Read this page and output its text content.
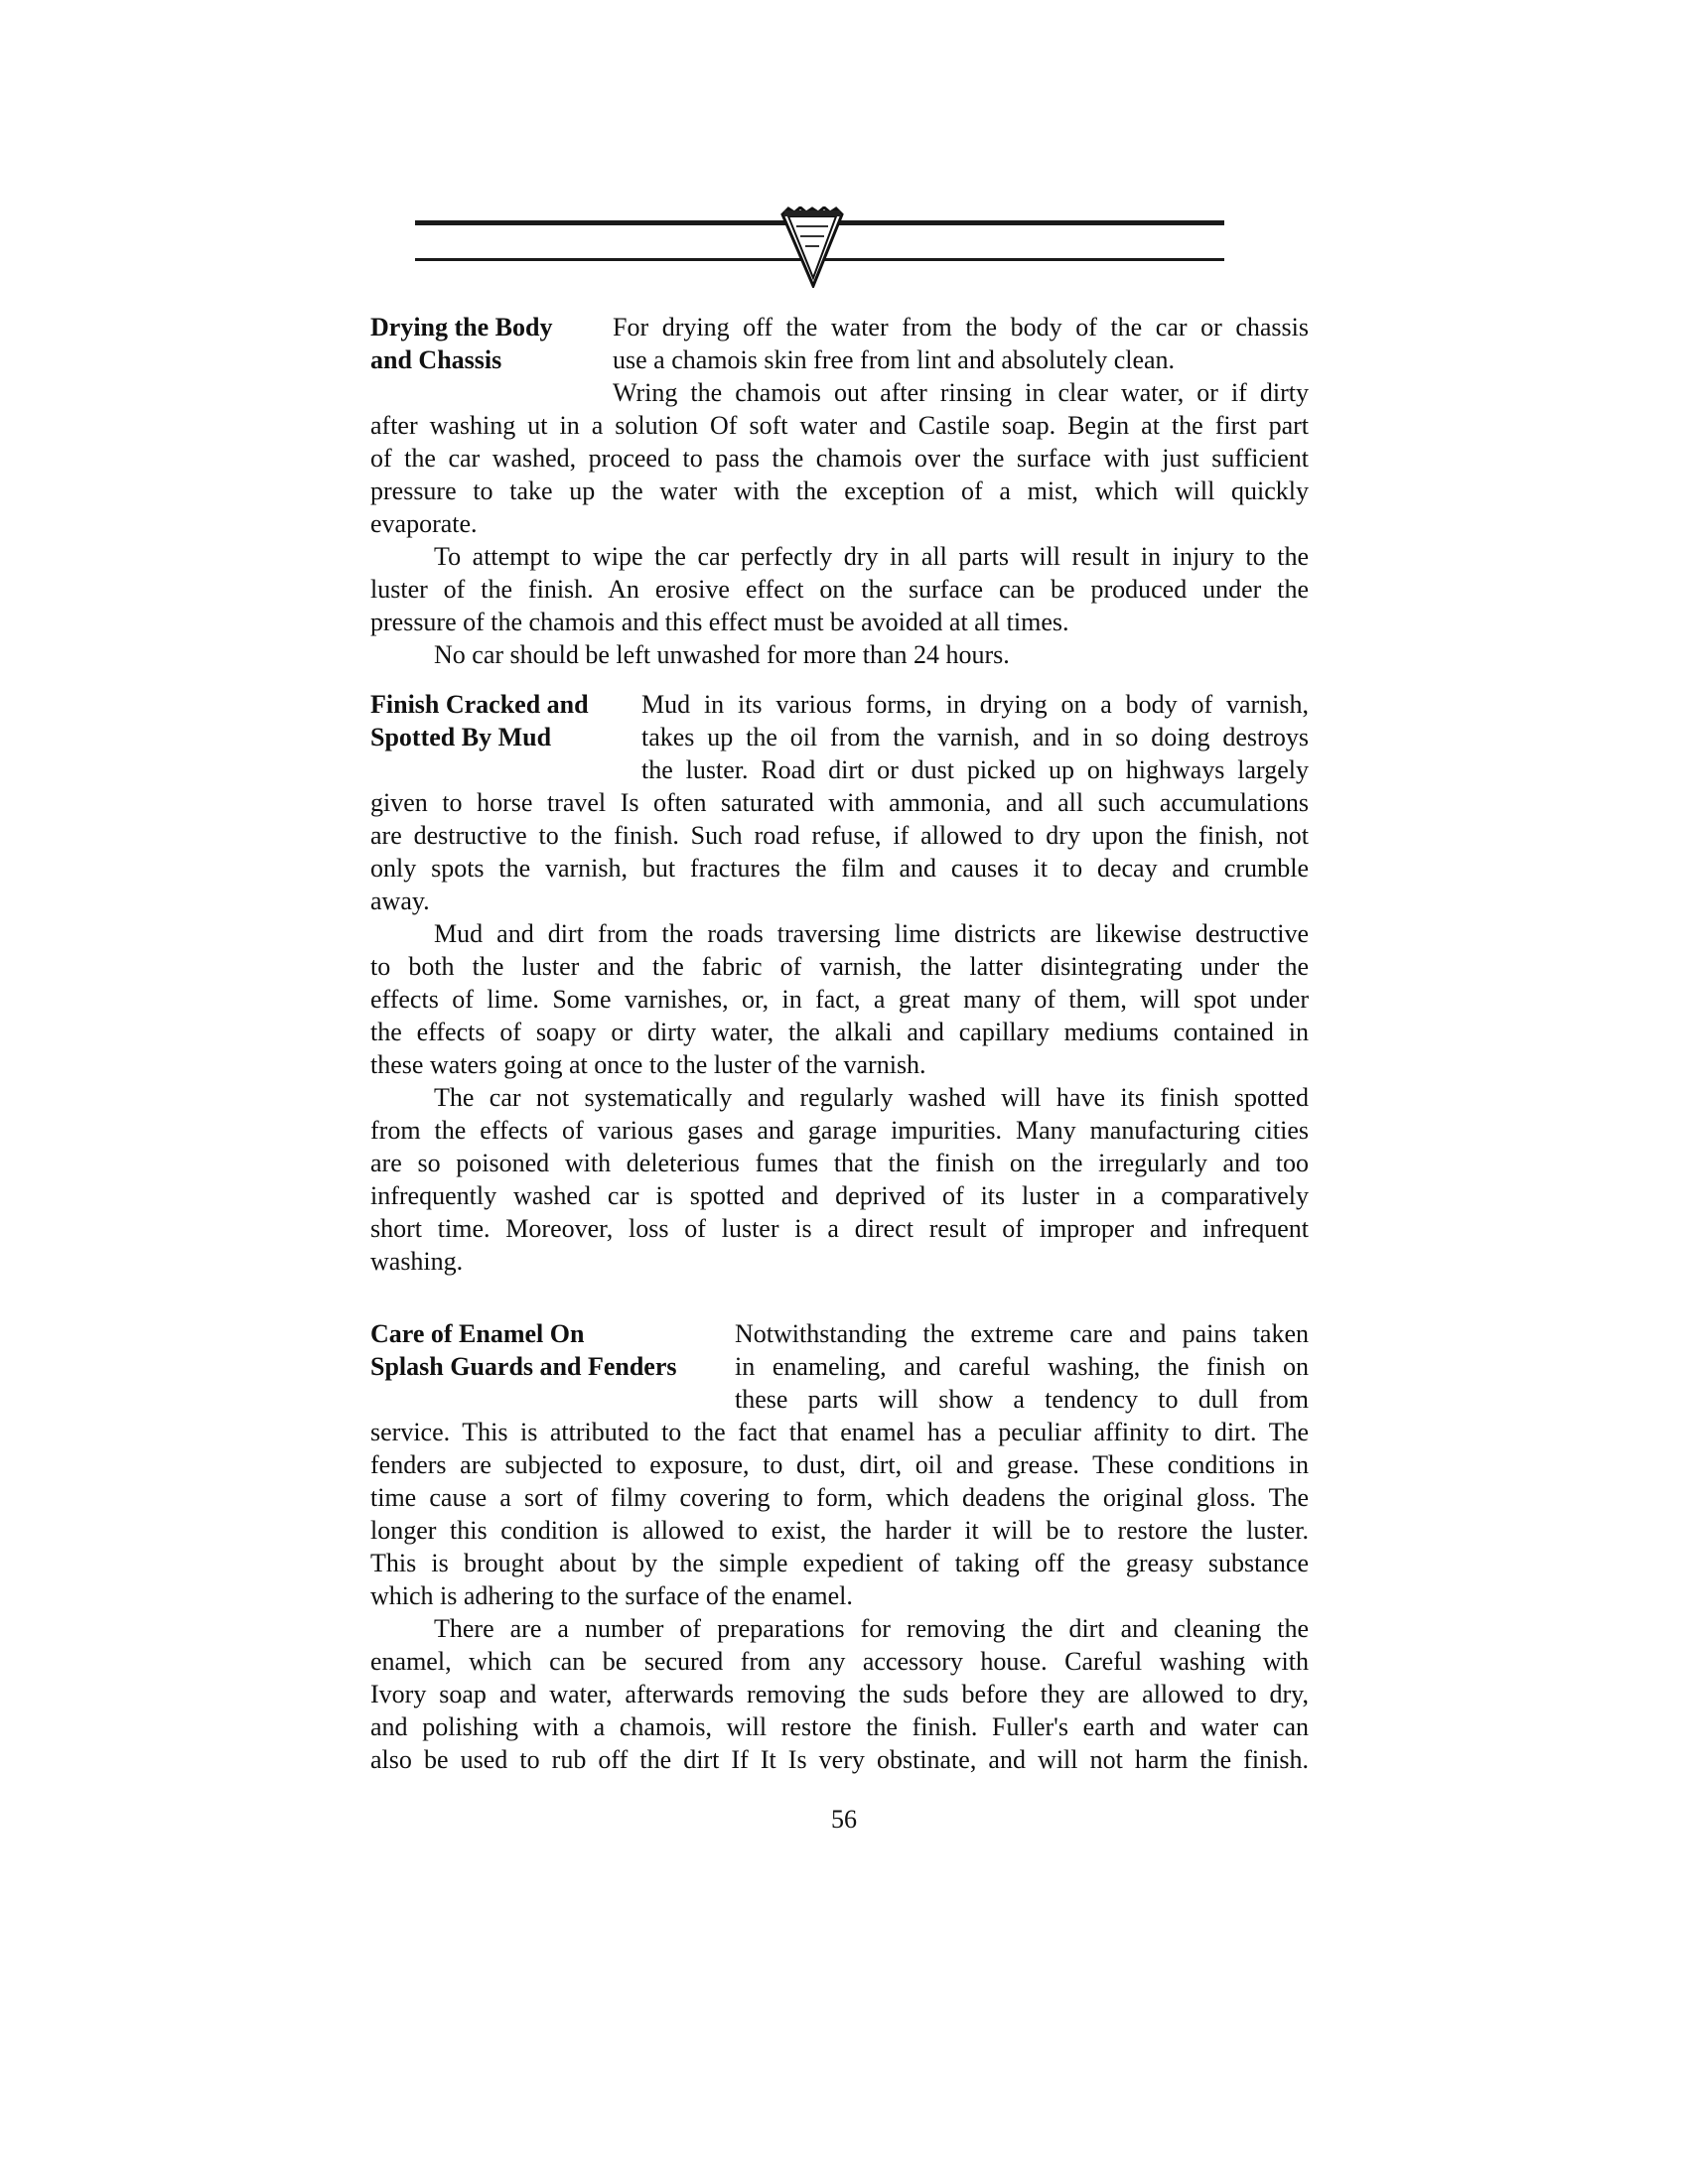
Drying the Body
and Chassis
For drying off the water from the body of the car or chassis
use a chamois skin free from lint and absolutely clean.
Wring the chamois out after rinsing in clear water, or if dirty
after washing ut in a solution Of soft water and Castile soap. Begin at the first part
of the car washed, proceed to pass the chamois over the surface with just sufficient
pressure to take up the water with the exception of a mist, which will quickly
evaporate.
To attempt to wipe the car perfectly dry in all parts will result in injury to the
luster of the finish. An erosive effect on the surface can be produced under the
pressure of the chamois and this effect must be avoided at all times.
No car should be left unwashed for more than 24 hours.
Finish Cracked and
Spotted By Mud
Mud in its various forms, in drying on a body of varnish,
takes up the oil from the varnish, and in so doing destroys
the luster. Road dirt or dust picked up on highways largely
given to horse travel Is often saturated with ammonia, and all such accumulations
are destructive to the finish. Such road refuse, if allowed to dry upon the finish, not
only spots the varnish, but fractures the film and causes it to decay and crumble
away.
Mud and dirt from the roads traversing lime districts are likewise destructive
to both the luster and the fabric of varnish, the latter disintegrating under the
effects of lime. Some varnishes, or, in fact, a great many of them, will spot under
the effects of soapy or dirty water, the alkali and capillary mediums contained in
these waters going at once to the luster of the varnish.
The car not systematically and regularly washed will have its finish spotted
from the effects of various gases and garage impurities. Many manufacturing cities
are so poisoned with deleterious fumes that the finish on the irregularly and too
infrequently washed car is spotted and deprived of its luster in a comparatively
short time. Moreover, loss of luster is a direct result of improper and infrequent
washing.
Care of Enamel On
Splash Guards and Fenders
Notwithstanding the extreme care and pains taken
in enameling, and careful washing, the finish on
these parts will show a tendency to dull from
service. This is attributed to the fact that enamel has a peculiar affinity to dirt. The
fenders are subjected to exposure, to dust, dirt, oil and grease. These conditions in
time cause a sort of filmy covering to form, which deadens the original gloss. The
longer this condition is allowed to exist, the harder it will be to restore the luster.
This is brought about by the simple expedient of taking off the greasy substance
which is adhering to the surface of the enamel.
There are a number of preparations for removing the dirt and cleaning the
enamel, which can be secured from any accessory house. Careful washing with
Ivory soap and water, afterwards removing the suds before they are allowed to dry,
and polishing with a chamois, will restore the finish. Fuller's earth and water can
also be used to rub off the dirt If It Is very obstinate, and will not harm the finish.
56
